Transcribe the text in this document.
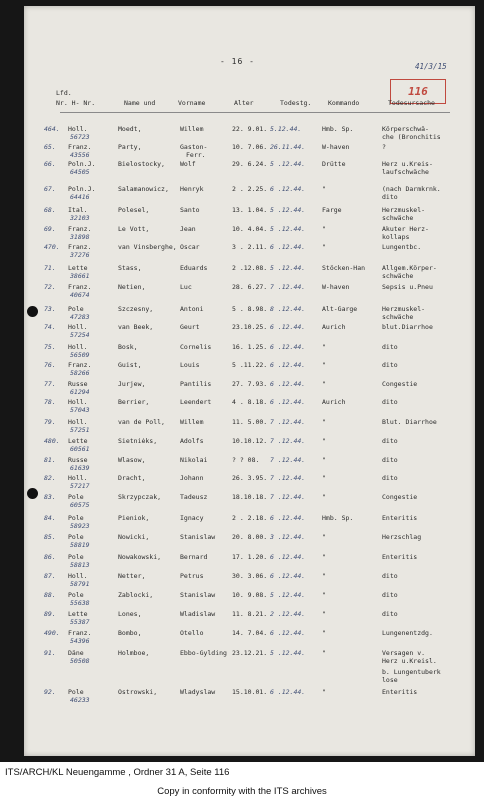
- 16 -
41/3/15
116
Lfd.
Nr. H- Nr.	Name und	Vorname	Alter	Todestg.	Kommando	Todesursache
464. Holl.
56723
Moedt,	Willem	22. 9.01. 5.12.44.	Hmb. Sp.	Körperschwä-
che (Bronchitis
65. Franz.
43556
Party,	Gaston-
Ferr.
10. 7.06. 26.11.44.	W-haven	?
66. Poln.J.
64505
Bielostocky, Wolf	29. 6.24. 5 .12.44.	Drütte	Herz u.Kreis-
laufschwäche
67. Poln.J.
64416
Salamanowicz, Henryk	2 . 2.25. 6 .12.44.	"	(nach Darmkrnk.
dito
68. Ital.
32103
Polesel,	Santo	13. 1.04. 5 .12.44.	Farge	Herzmuskel-
schwäche
69. Franz.
31898
Le Vott,	Jean	10. 4.04. 5 .12.44.	"	Akuter Herz-
kollaps
470. Franz.
37276
van Vinsberghe, Oscar	3 . 2.11. 6 .12.44.	"	Lungentbc.
71. Lette
38661
Stass,	Eduards	2 .12.08. 5 .12.44.	Stöcken-Han	Allgem.Körper-
schwäche
72. Franz.
40674
Netien,	Luc	28. 6.27. 7 .12.44.	W-haven	Sepsis u.Pneu
73. Pole
47283
Szczesny,	Antoni	5 . 8.98. 8 .12.44.	Alt-Garge	Herzmuskel-
schwäche
74. Holl.
57254
van Beek,	Geurt	23.10.25. 6 .12.44.	Aurich	blut.Diarrhoe
75. Holl.
56509
Bosk,	Cornelis	16. 1.25. 6 .12.44.	"	dito
76. Franz.
58266
Guist,	Louis	5 .11.22. 6 .12.44.	"	dito
77. Russe
61294
Jurjew,	Pantilis	27. 7.93. 6 .12.44.	"	Congestie
78. Holl.
57043
Berrier,	Leendert	4 . 8.18. 6 .12.44.	Aurich	dito
79. Holl.
57251
van de Poll, Willem	11. 5.00. 7 .12.44.	"	Blut. Diarrhoe
480. Lette
60561
Sietniėks,	Adolfs	10.10.12. 7 .12.44.	"	dito
81. Russe
61639
Wlasow,	Nikolai	? ? 08. 7 .12.44.	"	dito
82. Holl.
57217
Dracht,	Johann	26. 3.95. 7 .12.44.	"	dito
83. Pole
60575
Skrzypczak,	Tadeusz	18.10.18. 7 .12.44.	"	Congestie
84. Pole
58923
Pieniok,	Ignacy	2 . 2.18. 6 .12.44.	Hmb. Sp.	Enteritis
85. Pole
58819
Nowicki,	Stanislaw	20. 8.00. 3 .12.44.	"	Herzschlag
86. Pole
58813
Nowakowski,	Bernard	17. 1.20. 6 .12.44.	"	Enteritis
87. Holl.
58791
Netter,	Petrus	30. 3.06. 6 .12.44.	"	dito
88. Pole
55638
Zablocki,	Stanislaw	10. 9.08. 5 .12.44.	"	dito
89. Lette
55387
Lones,	Wladislaw	11. 8.21. 2 .12.44.	"	dito
490. Franz.
54396
Bombo,	Otello	14. 7.04. 6 .12.44.	"	Lungenentzdg.
91. Däne
50508
Holmboe,	Ebbo-Gylding 23.12.21. 5 .12.44.	"	Versagen v.
Herz u.Kreisl.
b. Lungentuberk
lose
92. Pole
46233
Ostrowski,	Wladyslaw	15.10.01. 6 .12.44.	"	Enteritis
ITS/ARCH/KL Neuengamme , Ordner 31 A, Seite 116
Copy in conformity with the ITS archives
